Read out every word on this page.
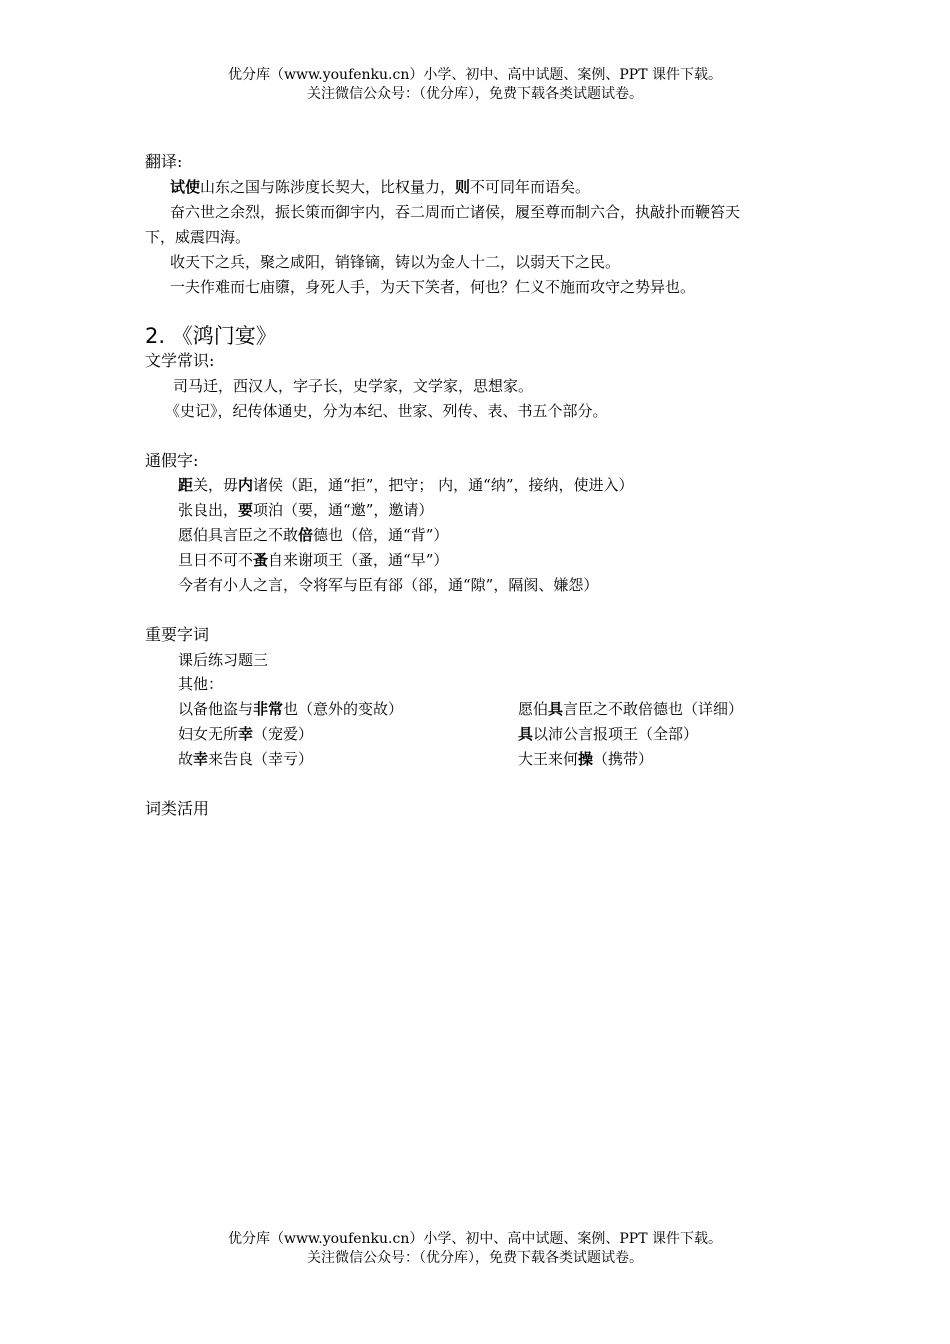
优分库（www.youfenku.cn）小学、初中、高中试题、案例、PPT 课件下载。
关注微信公众号：（优分库），免费下载各类试题试卷。
翻译:
试使山东之国与陈涉度长契大，比权量力，则不可同年而语矣。
奋六世之余烈，振长策而御宇内，吞二周而亡诸侯，履至尊而制六合，执敲扑而鞭笞天
下，威震四海。
收天下之兵，聚之咸阳，销锋镝，铸以为金人十二，以弱天下之民。
一夫作难而七庙隳，身死人手，为天下笑者，何也？仁义不施而攻守之势异也。
2. 《鸿门宴》
文学常识:
司马迁，西汉人，字子长，史学家，文学家，思想家。
《史记》，纪传体通史，分为本纪、世家、列传、表、书五个部分。
通假字:
距关，毋内诸侯（距，通“拒”，把守； 内，通“纳”，接纳，使进入）
张良出，要项泊（要，通“邀”，邀请）
愿伯具言臣之不敢倍德也（倍，通“背”）
旦日不可不蚤自来谢项王（蚤，通“早”）
今者有小人之言，令将军与臣有郤（郤，通“隙”，隔阂、嫌怨）
重要字词
课后练习题三
其他：
以备他盗与非常也（意外的变故）
妇女无所幸（宠爱）
故幸来告良（幸亏）
愿伯具言臣之不敢倍德也（详细）
具以沛公言报项王（全部）
大王来何操（携带）
词类活用
优分库（www.youfenku.cn）小学、初中、高中试题、案例、PPT 课件下载。
关注微信公众号：（优分库），免费下载各类试题试卷。
